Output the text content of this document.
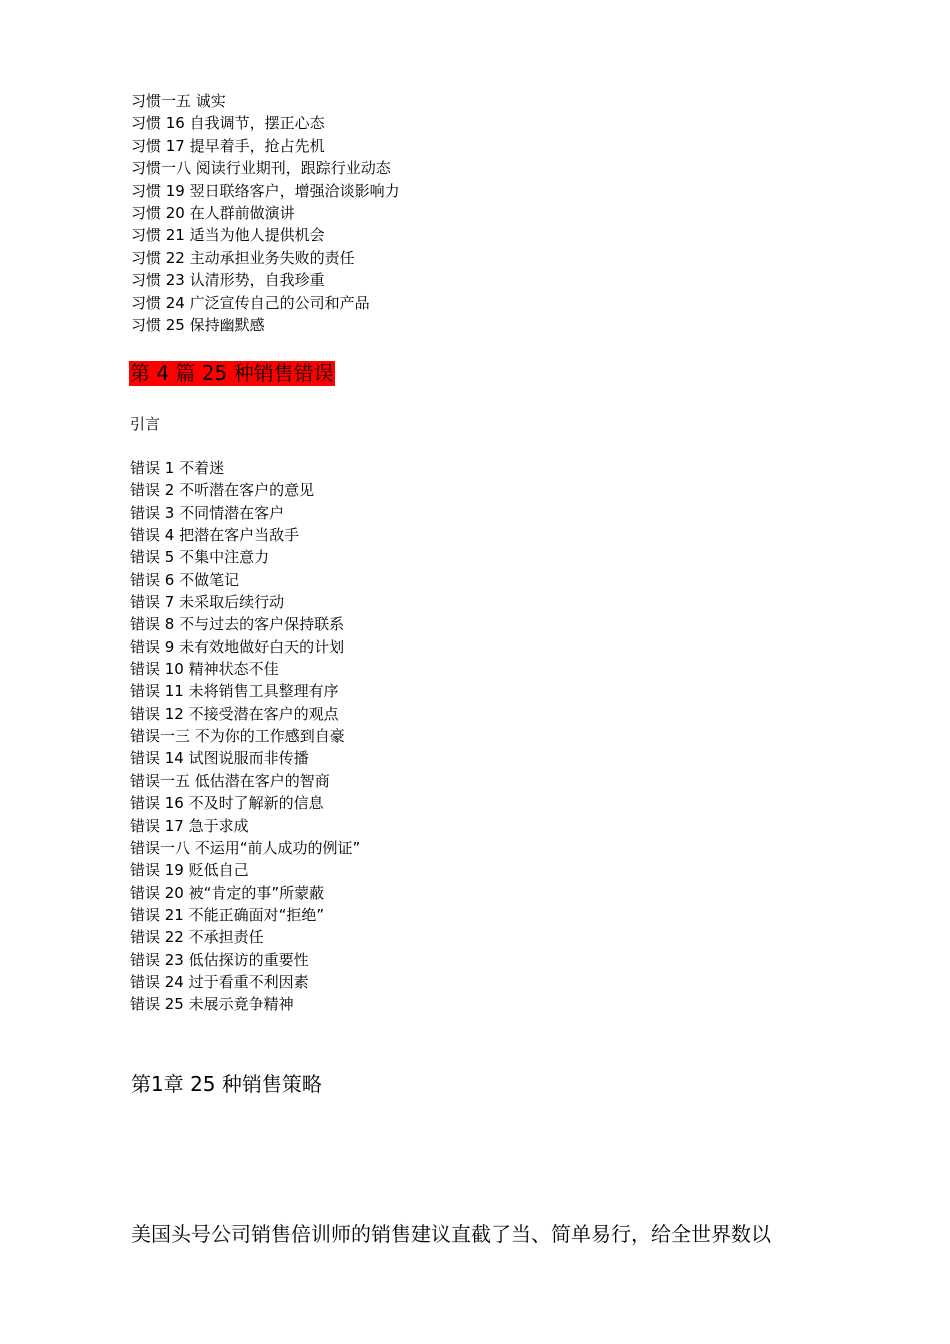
习惯一五 诚实
习惯 16 自我调节，摆正心态
习惯 17 提早着手，抢占先机
习惯一八 阅读行业期刊，跟踪行业动态
习惯 19 翌日联络客户，增强洽谈影响力
习惯 20 在人群前做演讲
习惯 21 适当为他人提供机会
习惯 22 主动承担业务失败的责任
习惯 23 认清形势，自我珍重
习惯 24 广泛宣传自己的公司和产品
习惯 25 保持幽默感
第 4 篇 25 种销售错误
引言
错误 1 不着迷
错误 2 不听潜在客户的意见
错误 3 不同情潜在客户
错误 4 把潜在客户当敌手
错误 5 不集中注意力
错误 6 不做笔记
错误 7 未采取后续行动
错误 8 不与过去的客户保持联系
错误 9 未有效地做好白天的计划
错误 10 精神状态不佳
错误 11 未将销售工具整理有序
错误 12 不接受潜在客户的观点
错误一三 不为你的工作感到自豪
错误 14 试图说服而非传播
错误一五 低估潜在客户的智商
错误 16 不及时了解新的信息
错误 17 急于求成
错误一八 不运用“前人成功的例证”
错误 19 贬低自己
错误 20 被“肯定的事”所蒙蔽
错误 21 不能正确面对“拒绝”
错误 22 不承担责任
错误 23 低估探访的重要性
错误 24 过于看重不利因素
错误 25 未展示竟争精神
第1章 25 种销售策略
美国头号公司销售倍训师的销售建议直截了当、简单易行，给全世界数以
